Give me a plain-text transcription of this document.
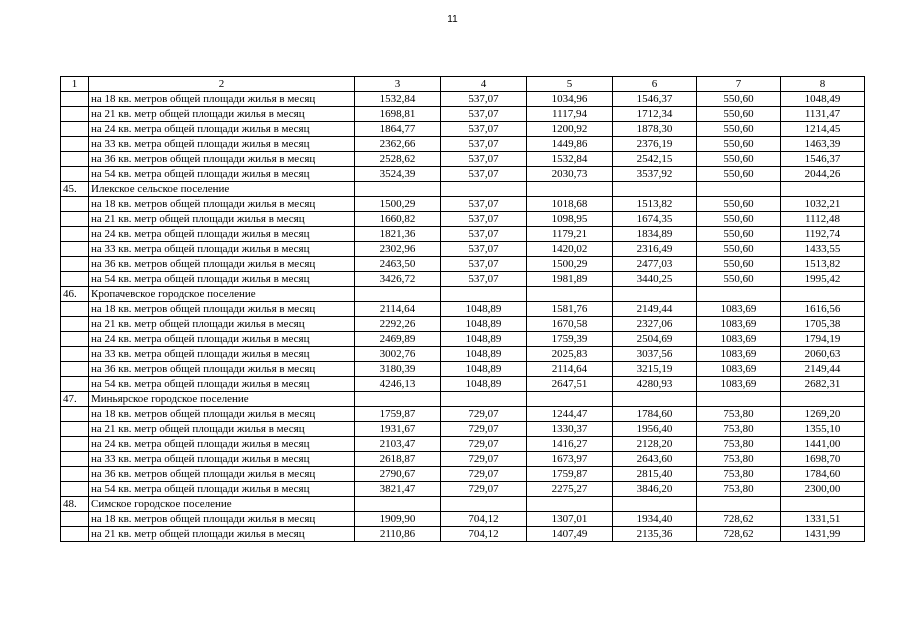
11
1	2	3	4	5	6	7	8
	на 18 кв. метров общей площади жилья в месяц	1532,84	537,07	1034,96	1546,37	550,60	1048,49
	на 21 кв. метр общей площади жилья в месяц	1698,81	537,07	1117,94	1712,34	550,60	1131,47
	на 24 кв. метра общей площади жилья в месяц	1864,77	537,07	1200,92	1878,30	550,60	1214,45
	на 33 кв. метра общей площади жилья в месяц	2362,66	537,07	1449,86	2376,19	550,60	1463,39
	на 36 кв. метров общей площади жилья в месяц	2528,62	537,07	1532,84	2542,15	550,60	1546,37
	на 54 кв. метра общей площади жилья в месяц	3524,39	537,07	2030,73	3537,92	550,60	2044,26
45.	Илекское сельское поселение						
	на 18 кв. метров общей площади жилья в месяц	1500,29	537,07	1018,68	1513,82	550,60	1032,21
	на 21 кв. метр общей площади жилья в месяц	1660,82	537,07	1098,95	1674,35	550,60	1112,48
	на 24 кв. метра общей площади жилья в месяц	1821,36	537,07	1179,21	1834,89	550,60	1192,74
	на 33 кв. метра общей площади жилья в месяц	2302,96	537,07	1420,02	2316,49	550,60	1433,55
	на 36 кв. метров общей площади жилья в месяц	2463,50	537,07	1500,29	2477,03	550,60	1513,82
	на 54 кв. метра общей площади жилья в месяц	3426,72	537,07	1981,89	3440,25	550,60	1995,42
46.	Кропачевское городское поселение						
	на 18 кв. метров общей площади жилья в месяц	2114,64	1048,89	1581,76	2149,44	1083,69	1616,56
	на 21 кв. метр общей площади жилья в месяц	2292,26	1048,89	1670,58	2327,06	1083,69	1705,38
	на 24 кв. метра общей площади жилья в месяц	2469,89	1048,89	1759,39	2504,69	1083,69	1794,19
	на 33 кв. метра общей площади жилья в месяц	3002,76	1048,89	2025,83	3037,56	1083,69	2060,63
	на 36 кв. метров общей площади жилья в месяц	3180,39	1048,89	2114,64	3215,19	1083,69	2149,44
	на 54 кв. метра общей площади жилья в месяц	4246,13	1048,89	2647,51	4280,93	1083,69	2682,31
47.	Миньярское городское поселение						
	на 18 кв. метров общей площади жилья в месяц	1759,87	729,07	1244,47	1784,60	753,80	1269,20
	на 21 кв. метр общей площади жилья в месяц	1931,67	729,07	1330,37	1956,40	753,80	1355,10
	на 24 кв. метра общей площади жилья в месяц	2103,47	729,07	1416,27	2128,20	753,80	1441,00
	на 33 кв. метра общей площади жилья в месяц	2618,87	729,07	1673,97	2643,60	753,80	1698,70
	на 36 кв. метров общей площади жилья в месяц	2790,67	729,07	1759,87	2815,40	753,80	1784,60
	на 54 кв. метра общей площади жилья в месяц	3821,47	729,07	2275,27	3846,20	753,80	2300,00
48.	Симское городское поселение						
	на 18 кв. метров общей площади жилья в месяц	1909,90	704,12	1307,01	1934,40	728,62	1331,51
	на 21 кв. метр общей площади жилья в месяц	2110,86	704,12	1407,49	2135,36	728,62	1431,99
